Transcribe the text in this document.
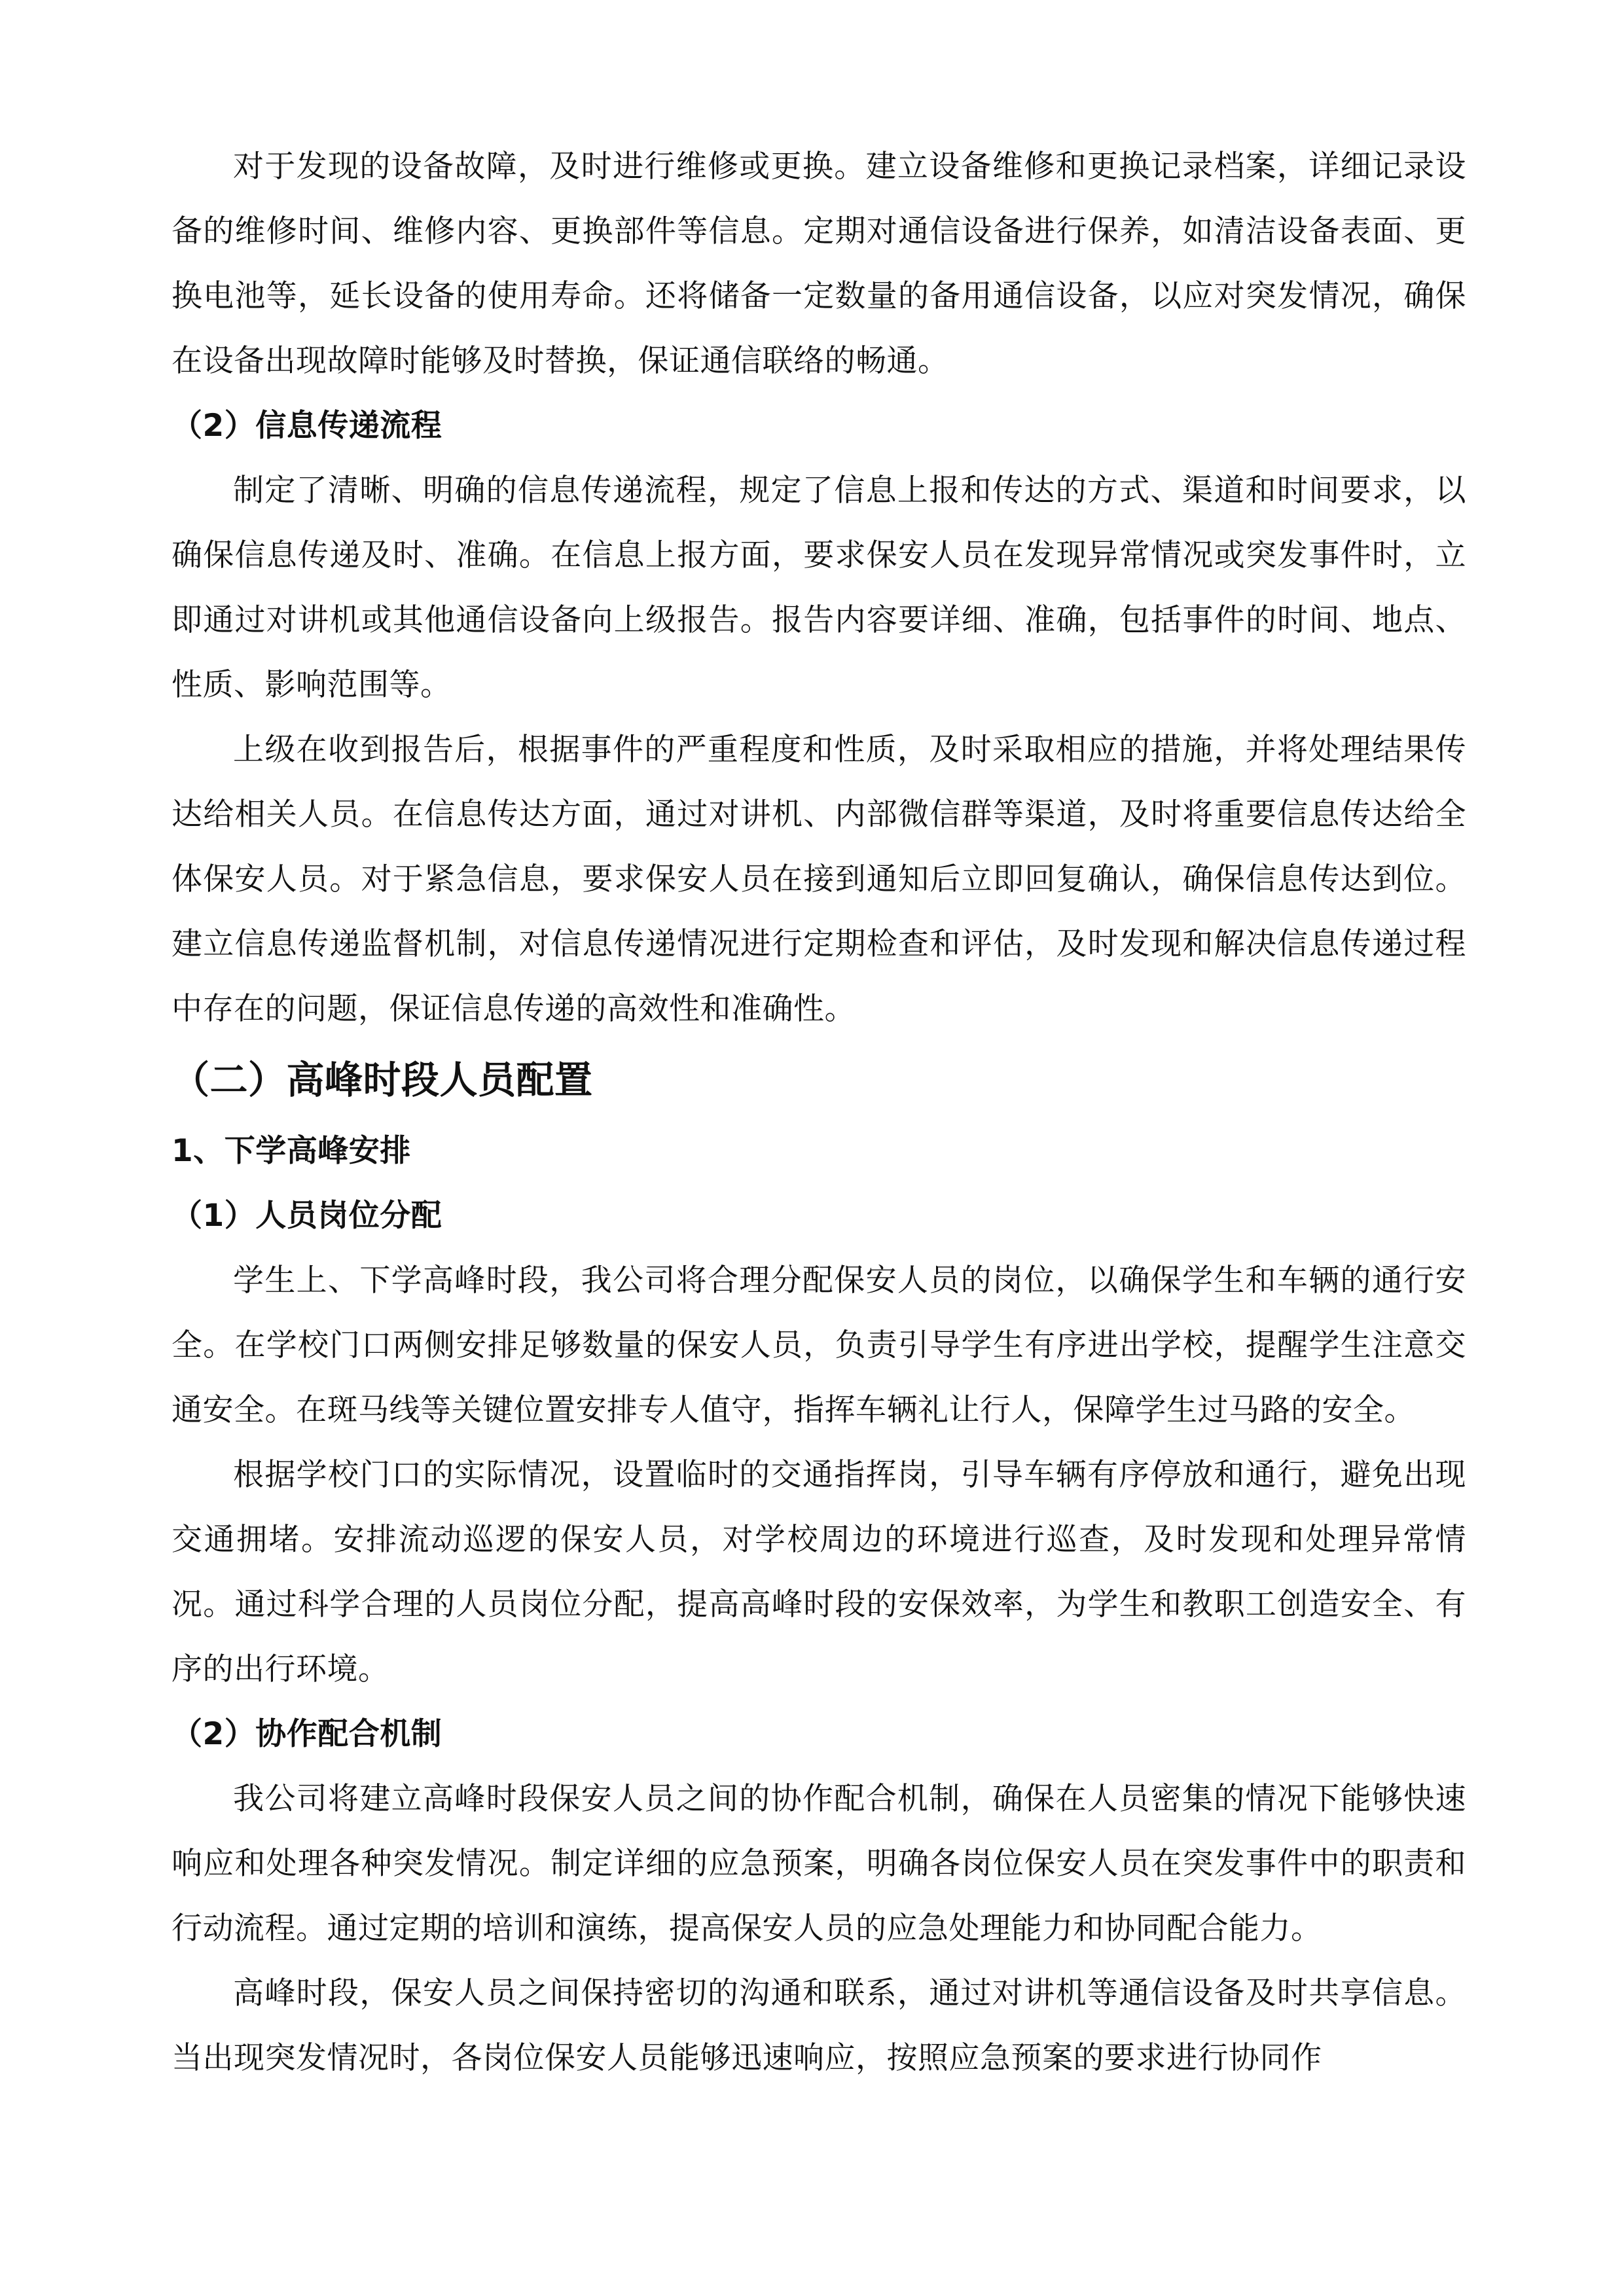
对于发现的设备故障，及时进行维修或更换。建立设备维修和更换记录档案，详细记录设备的维修时间、维修内容、更换部件等信息。定期对通信设备进行保养，如清洁设备表面、更换电池等，延长设备的使用寿命。还将储备一定数量的备用通信设备，以应对突发情况，确保在设备出现故障时能够及时替换，保证通信联络的畅通。

（2）信息传递流程

制定了清晰、明确的信息传递流程，规定了信息上报和传达的方式、渠道和时间要求，以确保信息传递及时、准确。在信息上报方面，要求保安人员在发现异常情况或突发事件时，立即通过对讲机或其他通信设备向上级报告。报告内容要详细、准确，包括事件的时间、地点、性质、影响范围等。

上级在收到报告后，根据事件的严重程度和性质，及时采取相应的措施，并将处理结果传达给相关人员。在信息传达方面，通过对讲机、内部微信群等渠道，及时将重要信息传达给全体保安人员。对于紧急信息，要求保安人员在接到通知后立即回复确认，确保信息传达到位。建立信息传递监督机制，对信息传递情况进行定期检查和评估，及时发现和解决信息传递过程中存在的问题，保证信息传递的高效性和准确性。

（二）高峰时段人员配置

1、下学高峰安排

（1）人员岗位分配

学生上、下学高峰时段，我公司将合理分配保安人员的岗位，以确保学生和车辆的通行安全。在学校门口两侧安排足够数量的保安人员，负责引导学生有序进出学校，提醒学生注意交通安全。在斑马线等关键位置安排专人值守，指挥车辆礼让行人，保障学生过马路的安全。

根据学校门口的实际情况，设置临时的交通指挥岗，引导车辆有序停放和通行，避免出现交通拥堵。安排流动巡逻的保安人员，对学校周边的环境进行巡查，及时发现和处理异常情况。通过科学合理的人员岗位分配，提高高峰时段的安保效率，为学生和教职工创造安全、有序的出行环境。

（2）协作配合机制

我公司将建立高峰时段保安人员之间的协作配合机制，确保在人员密集的情况下能够快速响应和处理各种突发情况。制定详细的应急预案，明确各岗位保安人员在突发事件中的职责和行动流程。通过定期的培训和演练，提高保安人员的应急处理能力和协同配合能力。

高峰时段，保安人员之间保持密切的沟通和联系，通过对讲机等通信设备及时共享信息。当出现突发情况时，各岗位保安人员能够迅速响应，按照应急预案的要求进行协同作
